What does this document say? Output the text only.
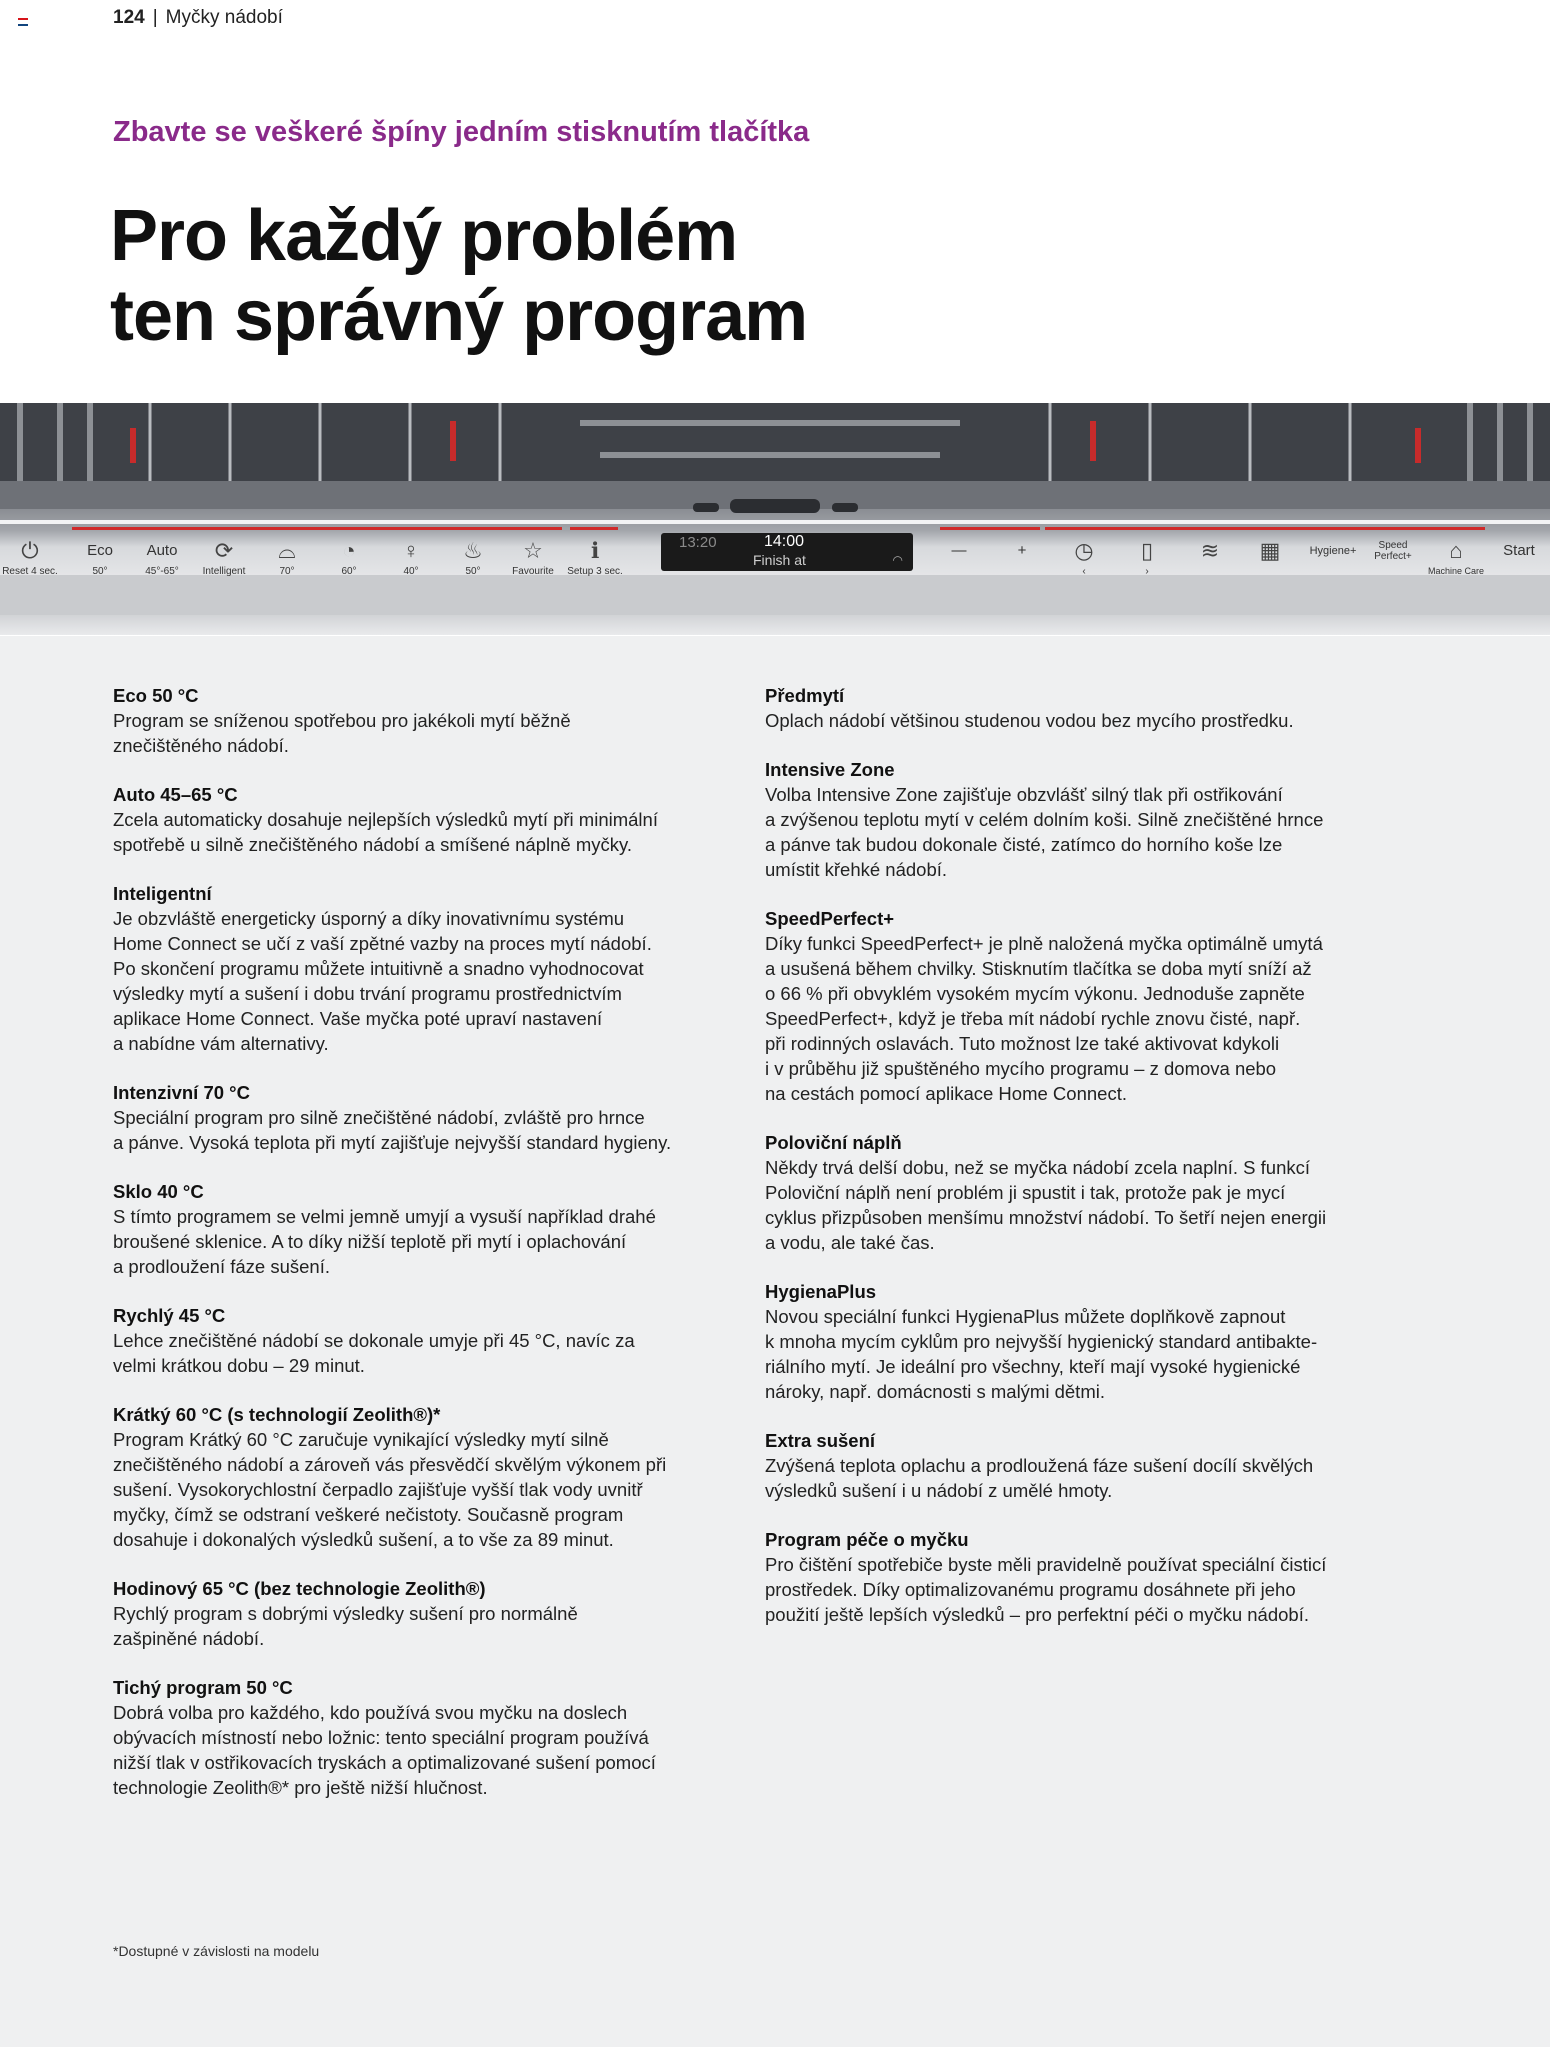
124 | Myčky nádobí
Zbavte se veškeré špíny jedním stisknutím tlačítka
Pro každý problém
ten správný program
⏻
Reset 4 sec.
Eco
50°
Auto
45°-65°
⟳
Intelligent
⌓
70°
◔
60°
♀
40°
♨
50°
☆
Favourite
ℹ
Setup 3 sec.
13:20	14:00
Finish at	◠
—	+	◷
‹
▯
›
≋	▦	Hygiene+	Speed Perfect+	⌂
Machine Care
Start
Eco 50 °C

Program se sníženou spotřebou pro jakékoli mytí běžně
znečištěného nádobí.

Auto 45–65 °C

Zcela automaticky dosahuje nejlepších výsledků mytí při minimální
spotřebě u silně znečištěného nádobí a smíšené náplně myčky.

Inteligentní

Je obzvláště energeticky úsporný a díky inovativnímu systému
Home Connect se učí z vaší zpětné vazby na proces mytí nádobí.
Po skončení programu můžete intuitivně a snadno vyhodnocovat
výsledky mytí a sušení i dobu trvání programu prostřednictvím
aplikace Home Connect. Vaše myčka poté upraví nastavení
a nabídne vám alternativy.

Intenzivní 70 °C

Speciální program pro silně znečištěné nádobí, zvláště pro hrnce
a pánve. Vysoká teplota při mytí zajišťuje nejvyšší standard hygieny.

Sklo 40 °C

S tímto programem se velmi jemně umyjí a vysuší například drahé
broušené sklenice. A to díky nižší teplotě při mytí i oplachování
a prodloužení fáze sušení.

Rychlý 45 °C

Lehce znečištěné nádobí se dokonale umyje při 45 °C, navíc za
velmi krátkou dobu – 29 minut.

Krátký 60 °C (s technologií Zeolith®)*

Program Krátký 60 °C zaručuje vynikající výsledky mytí silně
znečištěného nádobí a zároveň vás přesvědčí skvělým výkonem při
sušení. Vysokorychlostní čerpadlo zajišťuje vyšší tlak vody uvnitř
myčky, čímž se odstraní veškeré nečistoty. Současně program
dosahuje i dokonalých výsledků sušení, a to vše za 89 minut.

Hodinový 65 °C (bez technologie Zeolith®)

Rychlý program s dobrými výsledky sušení pro normálně
zašpiněné nádobí.

Tichý program 50 °C

Dobrá volba pro každého, kdo používá svou myčku na doslech
obývacích místností nebo ložnic: tento speciální program používá
nižší tlak v ostřikovacích tryskách a optimalizované sušení pomocí
technologie Zeolith®* pro ještě nižší hlučnost.

Předmytí

Oplach nádobí většinou studenou vodou bez mycího prostředku.

Intensive Zone

Volba Intensive Zone zajišťuje obzvlášť silný tlak při ostřikování
a zvýšenou teplotu mytí v celém dolním koši. Silně znečištěné hrnce
a pánve tak budou dokonale čisté, zatímco do horního koše lze
umístit křehké nádobí.

SpeedPerfect+

Díky funkci SpeedPerfect+ je plně naložená myčka optimálně umytá
a usušená během chvilky. Stisknutím tlačítka se doba mytí sníží až
o 66 % při obvyklém vysokém mycím výkonu. Jednoduše zapněte
SpeedPerfect+, když je třeba mít nádobí rychle znovu čisté, např.
při rodinných oslavách. Tuto možnost lze také aktivovat kdykoli
i v průběhu již spuštěného mycího programu – z domova nebo
na cestách pomocí aplikace Home Connect.

Poloviční náplň

Někdy trvá delší dobu, než se myčka nádobí zcela naplní. S funkcí
Poloviční náplň není problém ji spustit i tak, protože pak je mycí
cyklus přizpůsoben menšímu množství nádobí. To šetří nejen energii
a vodu, ale také čas.

HygienaPlus

Novou speciální funkci HygienaPlus můžete doplňkově zapnout
k mnoha mycím cyklům pro nejvyšší hygienický standard antibakte-
riálního mytí. Je ideální pro všechny, kteří mají vysoké hygienické
nároky, např. domácnosti s malými dětmi.

Extra sušení

Zvýšená teplota oplachu a prodloužená fáze sušení docílí skvělých
výsledků sušení i u nádobí z umělé hmoty.

Program péče o myčku

Pro čištění spotřebiče byste měli pravidelně používat speciální čisticí
prostředek. Díky optimalizovanému programu dosáhnete při jeho
použití ještě lepších výsledků – pro perfektní péči o myčku nádobí.

*Dostupné v závislosti na modelu
